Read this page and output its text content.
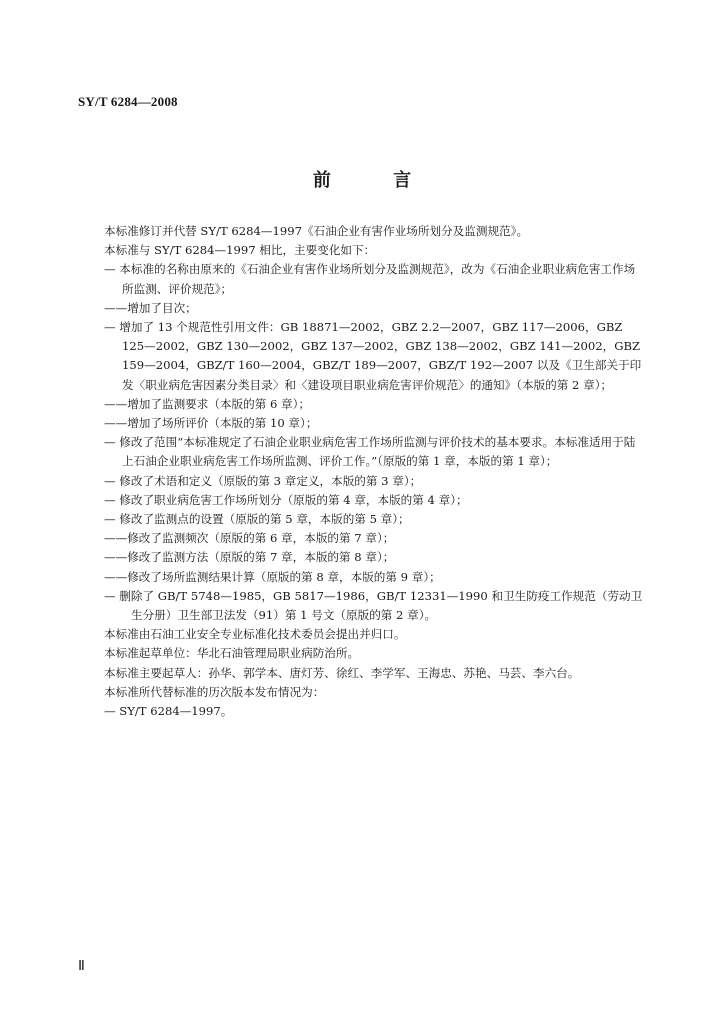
SY/T 6284—2008
前 言

本标准修订并代替 SY/T 6284—1997《石油企业有害作业场所划分及监测规范》。

本标准与 SY/T 6284—1997 相比，主要变化如下：

— 本标准的名称由原来的《石油企业有害作业场所划分及监测规范》，改为《石油企业职业病危害工作场所监测、评价规范》；

——增加了目次；

— 增加了 13 个规范性引用文件：GB 18871—2002，GBZ 2.2—2007，GBZ 117—2006，GBZ 125—2002，GBZ 130—2002，GBZ 137—2002，GBZ 138—2002，GBZ 141—2002，GBZ 159—2004，GBZ/T 160—2004，GBZ/T 189—2007，GBZ/T 192—2007 以及《卫生部关于印发〈职业病危害因素分类目录〉和〈建设项目职业病危害评价规范〉的通知》（本版的第 2 章）；

——增加了监测要求（本版的第 6 章）；

——增加了场所评价（本版的第 10 章）；

— 修改了范围“本标准规定了石油企业职业病危害工作场所监测与评价技术的基本要求。本标准适用于陆上石油企业职业病危害工作场所监测、评价工作。”（原版的第 1 章，本版的第 1 章）；

— 修改了术语和定义（原版的第 3 章定义，本版的第 3 章）；

— 修改了职业病危害工作场所划分（原版的第 4 章，本版的第 4 章）；

— 修改了监测点的设置（原版的第 5 章，本版的第 5 章）；

——修改了监测频次（原版的第 6 章，本版的第 7 章）；

——修改了监测方法（原版的第 7 章，本版的第 8 章）；

——修改了场所监测结果计算（原版的第 8 章，本版的第 9 章）；

— 删除了 GB/T 5748—1985，GB 5817—1986，GB/T 12331—1990 和卫生防疫工作规范（劳动卫生分册）卫生部卫法发（91）第 1 号文（原版的第 2 章）。

本标准由石油工业安全专业标准化技术委员会提出并归口。

本标准起草单位：华北石油管理局职业病防治所。

本标准主要起草人：孙华、郭学本、唐灯芳、徐红、李学军、王海忠、苏艳、马芸、李六台。

本标准所代替标准的历次版本发布情况为：

— SY/T 6284—1997。

Ⅱ
